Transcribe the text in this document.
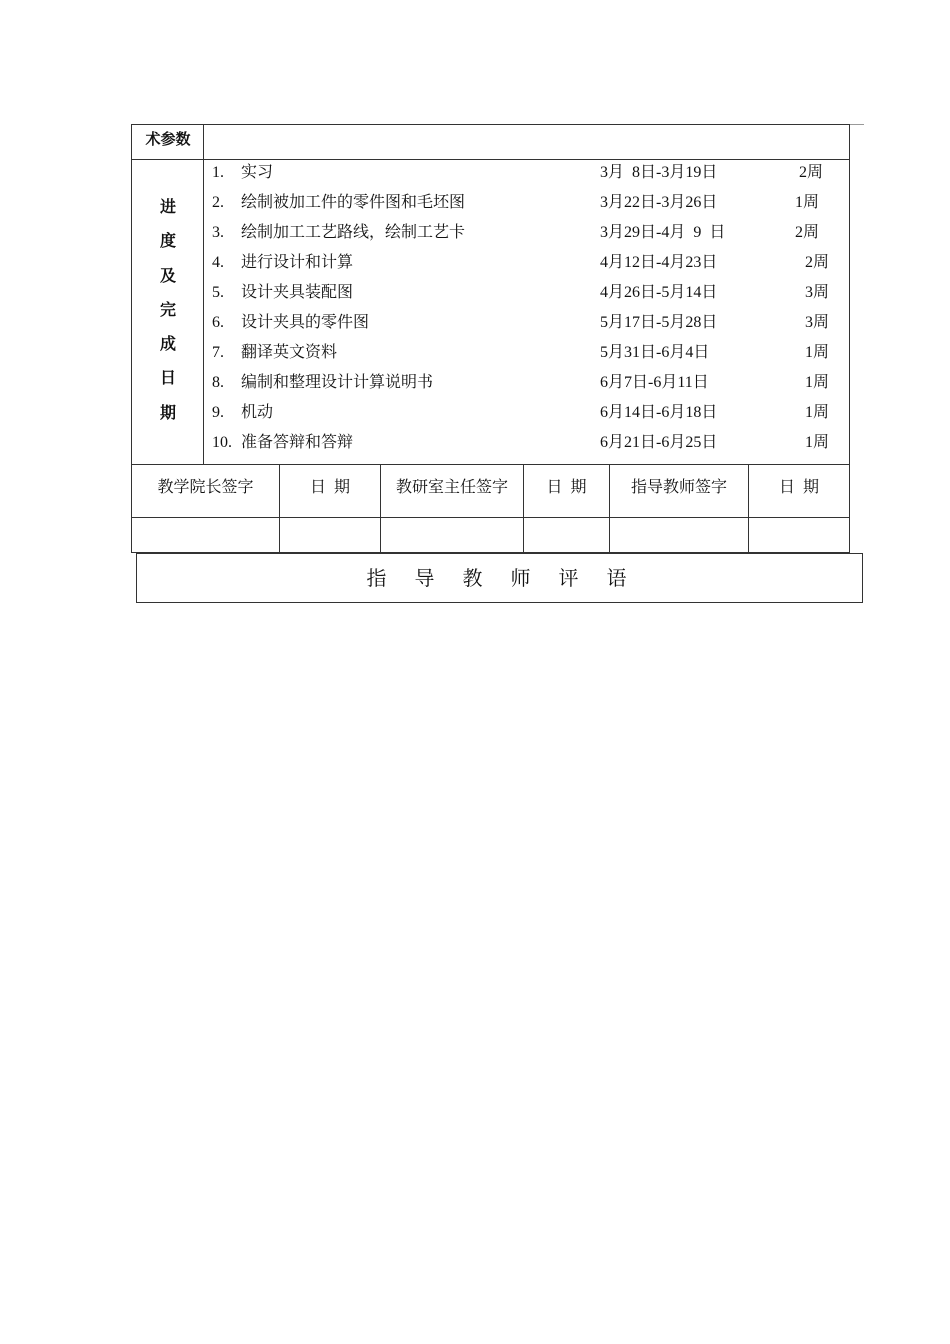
术参数
进
度
及
完
成
日
期
1. 实习	3月  8日-3月19日	2周
2. 绘制被加工件的零件图和毛坯图	3月22日-3月26日	1周
3. 绘制加工工艺路线，绘制工艺卡	3月29日-4月  9  日	2周
4. 进行设计和计算	4月12日-4月23日	2周
5. 设计夹具装配图	4月26日-5月14日	3周
6. 设计夹具的零件图	5月17日-5月28日	3周
7. 翻译英文资料	5月31日-6月4日	1周
8. 编制和整理设计计算说明书	6月7日-6月11日	1周
9. 机动	6月14日-6月18日	1周
10. 准备答辩和答辩	6月21日-6月25日	1周
教学院长签字	日  期	教研室主任签字	日  期	指导教师签字	日  期
指  导  教  师  评  语
